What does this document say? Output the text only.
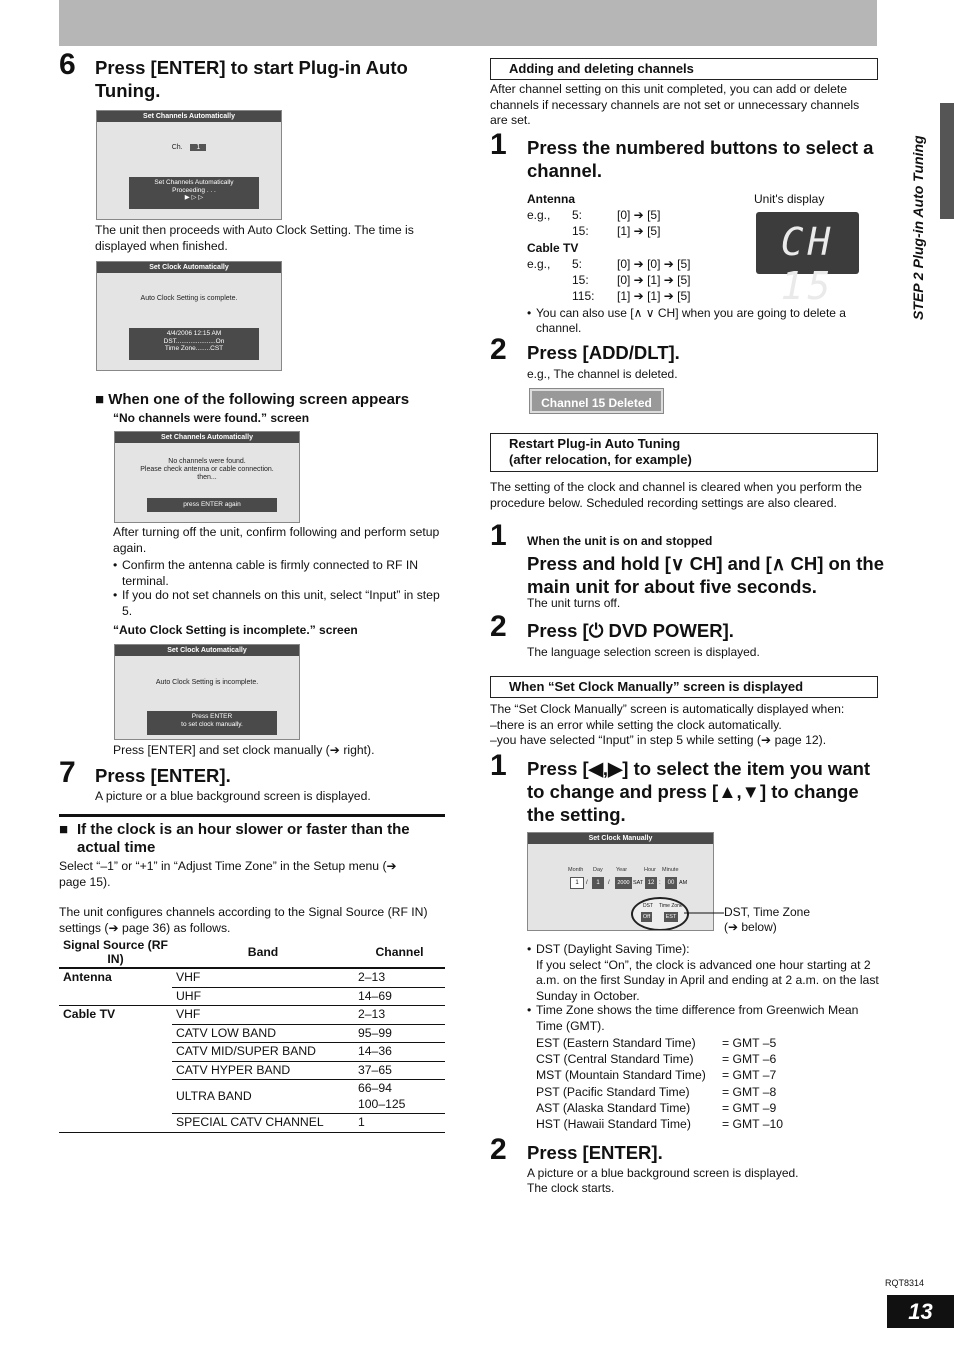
6 Press [ENTER] to start Plug-in Auto Tuning.
Set Channels Automatically
Ch. 1
Set Channels Automatically
Proceeding . . .
▶ ▷ ▷
The unit then proceeds with Auto Clock Setting. The time is displayed when finished.
Set Clock Automatically
Auto Clock Setting is complete.
4/4/2006 12:15 AM
DST......................On
Time Zone........CST
■ When one of the following screen appears
“No channels were found.” screen
Set Channels Automatically
No channels were found.
Please check antenna or cable connection.
then...
press ENTER again
After turning off the unit, confirm following and perform setup again.
• Confirm the antenna cable is firmly connected to RF IN terminal.
• If you do not set channels on this unit, select “Input” in step 5.
“Auto Clock Setting is incomplete.” screen
Set Clock Automatically
Auto Clock Setting is incomplete.
Press ENTER
to set clock manually.
Press [ENTER] and set clock manually (➔ right).
7 Press [ENTER].
A picture or a blue background screen is displayed.
■ If the clock is an hour slower or faster than the actual time
Select “–1” or “+1” in “Adjust Time Zone” in the Setup menu (➔ page 15).
The unit configures channels according to the Signal Source (RF IN) settings (➔ page 36) as follows.
Signal Source (RF IN)	Band	Channel
Antenna	VHF	2–13
	UHF	14–69
Cable TV	VHF	2–13
	CATV LOW BAND	95–99
	CATV MID/SUPER BAND	14–36
	CATV HYPER BAND	37–65
	ULTRA BAND	66–94
100–125
	SPECIAL CATV CHANNEL	1
Adding and deleting channels
After channel setting on this unit completed, you can add or delete channels if necessary channels are not set or unnecessary channels are set.
1 Press the numbered buttons to select a channel.
Antenna	Unit's display
CH 15
e.g., 5:	[0] ➔ [5]
15: [1] ➔ [5]
Cable TV
e.g., 5:	[0] ➔ [0] ➔ [5]
15: [0] ➔ [1] ➔ [5]
115: [1] ➔ [1] ➔ [5]
• You can also use [∧ ∨ CH] when you are going to delete a channel.
2 Press [ADD/DLT].
e.g., The channel is deleted.
Channel 15 Deleted
Restart Plug-in Auto Tuning
(after relocation, for example)
The setting of the clock and channel is cleared when you perform the procedure below. Scheduled recording settings are also cleared.
1 When the unit is on and stopped
Press and hold [∨ CH] and [∧ CH] on the main unit for about five seconds.
The unit turns off.
2 Press [⏻ DVD POWER].
The language selection screen is displayed.
When “Set Clock Manually” screen is displayed
The “Set Clock Manually” screen is automatically displayed when:
–there is an error while setting the clock automatically.
–you have selected “Input” in step 5 while setting (➔ page 12).
1 Press [◀,▶] to select the item you want to change and press [▲,▼] to change the setting.
Set Clock Manually
Month Day Year	Hour Minute
1	/	1	/	2000 SAT 12 :	00 AM
DST Time Zone
Off	EST	DST, Time Zone
(➔ below)
• DST (Daylight Saving Time):
If you select “On”, the clock is advanced one hour starting at 2 a.m. on the first Sunday in April and ending at 2 a.m. on the last Sunday in October.
• Time Zone shows the time difference from Greenwich Mean Time (GMT).
EST (Eastern Standard Time) = GMT –5
CST (Central Standard Time) = GMT –6
MST (Mountain Standard Time) = GMT –7
PST (Pacific Standard Time)	= GMT –8
AST (Alaska Standard Time)	= GMT –9
HST (Hawaii Standard Time)	= GMT –10
2 Press [ENTER].
A picture or a blue background screen is displayed.
The clock starts.
STEP 2 Plug-in Auto Tuning
RQT8314
13
